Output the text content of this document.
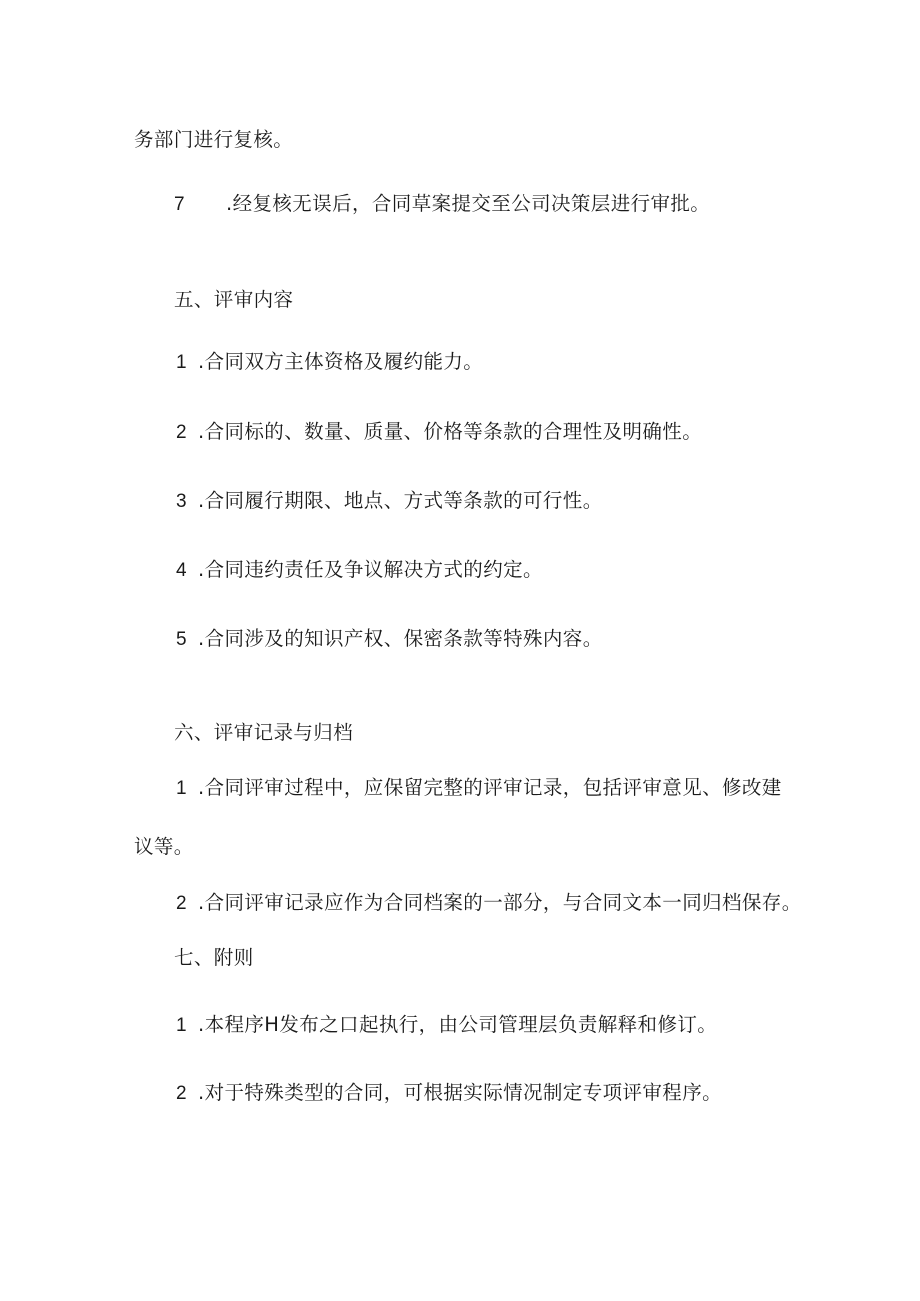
务部门进行复核。
7 .经复核无误后，合同草案提交至公司决策层进行审批。
五、评审内容
1 .合同双方主体资格及履约能力。
2 .合同标的、数量、质量、价格等条款的合理性及明确性。
3 .合同履行期限、地点、方式等条款的可行性。
4 .合同违约责任及争议解决方式的约定。
5 .合同涉及的知识产权、保密条款等特殊内容。
六、评审记录与归档
1 .合同评审过程中，应保留完整的评审记录，包括评审意见、修改建
议等。
2 .合同评审记录应作为合同档案的一部分，与合同文本一同归档保存。
七、附则
1 .本程序H发布之口起执行，由公司管理层负责解释和修订。
2 .对于特殊类型的合同，可根据实际情况制定专项评审程序。
